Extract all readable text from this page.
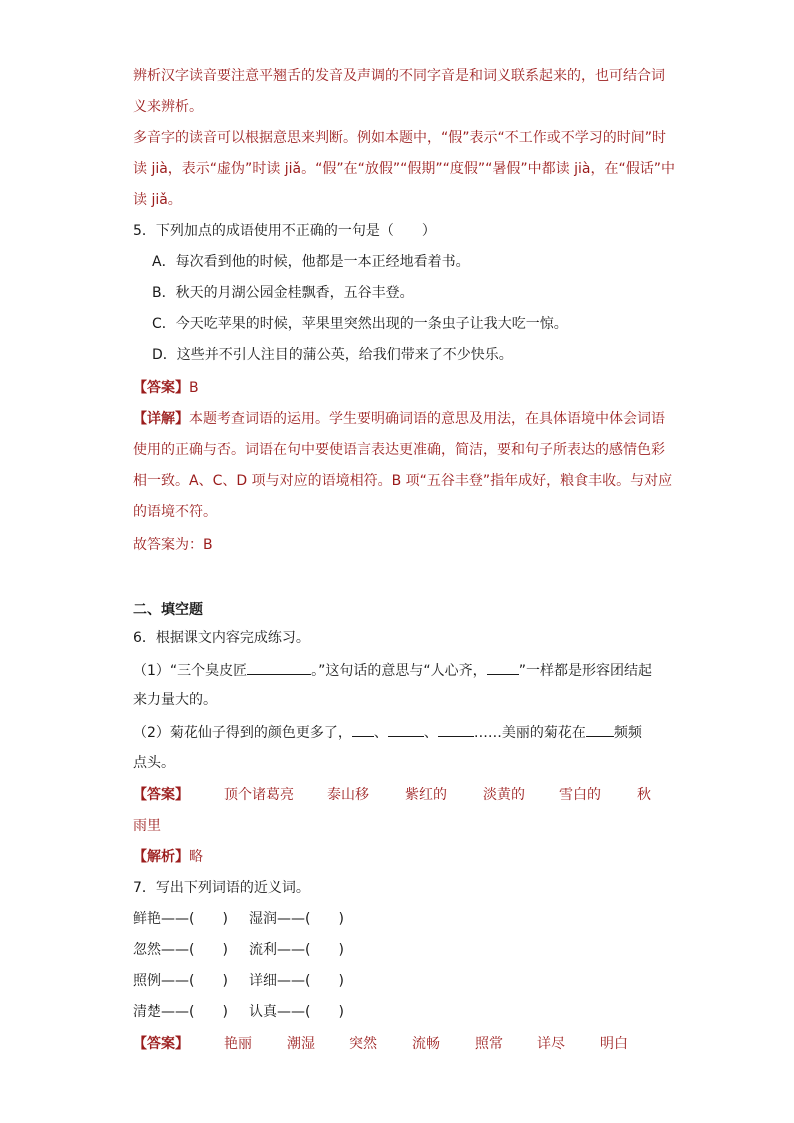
辨析汉字读音要注意平翘舌的发音及声调的不同字音是和词义联系起来的，也可结合词
义来辨析。
多音字的读音可以根据意思来判断。例如本题中，“假”表示“不工作或不学习的时间”时
读 jià，表示“虚伪”时读 jiǎ。“假”在“放假”“假期”“度假”“暑假”中都读 jià，在“假话”中
读 jiǎ。
5．下列加点的成语使用不正确的一句是（　　）
A．每次看到他的时候，他都是一本正经地看着书。
B．秋天的月湖公园金桂飘香，五谷丰登。
C．今天吃苹果的时候，苹果里突然出现的一条虫子让我大吃一惊。
D．这些并不引人注目的蒲公英，给我们带来了不少快乐。
【答案】B
【详解】本题考查词语的运用。学生要明确词语的意思及用法，在具体语境中体会词语
使用的正确与否。词语在句中要使语言表达更准确，简洁，要和句子所表达的感情色彩
相一致。A、C、D 项与对应的语境相符。B 项“五谷丰登”指年成好，粮食丰收。与对应
的语境不符。
故答案为：B
二、填空题
6．根据课文内容完成练习。
（1）“三个臭皮匠	。”这句话的意思与“人心齐， ”一样都是形容团结起
来力量大的。
（2）菊花仙子得到的颜色更多了， 、	、	……美丽的菊花在 频频
点头。
【答案】	顶个诸葛亮 泰山移	紫红的	淡黄的 雪白的	秋
雨里
【解析】略
7．写出下列词语的近义词。
鲜艳——(　　) 湿润——(　　)
忽然——(　　) 流利——(　　)
照例——(　　) 详细——(　　)
清楚——(　　) 认真——(　　)
【答案】	艳丽	潮湿 突然	流畅	照常 详尽	明白
